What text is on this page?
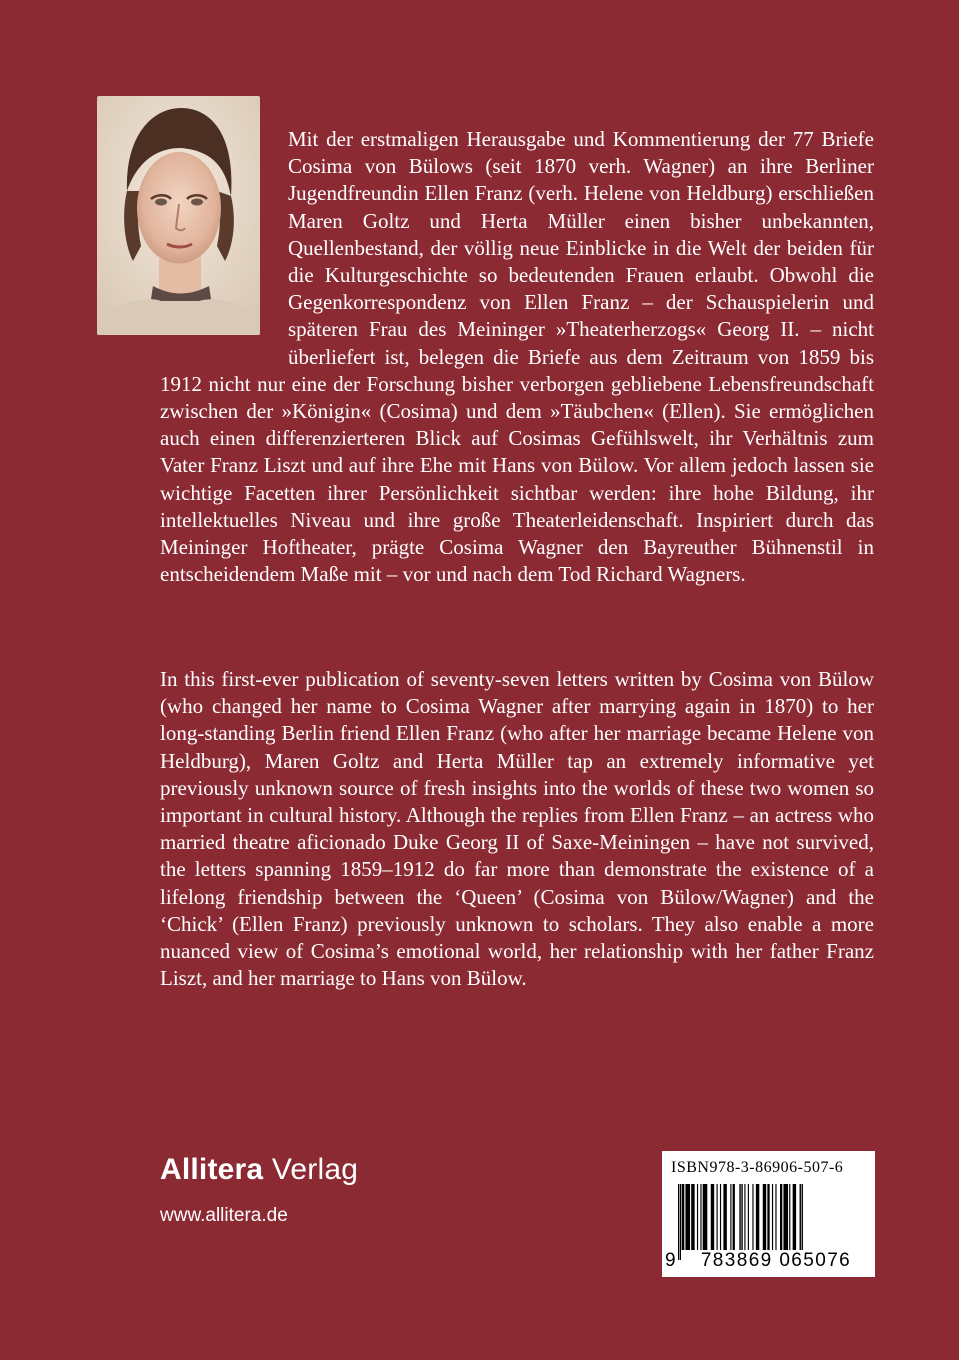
Mit der erstmaligen Herausgabe und Kommentierung der 77 Briefe Cosima von Bülows (seit 1870 verh. Wagner) an ihre Berliner Jugendfreundin Ellen Franz (verh. Helene von Heldburg) erschließen Maren Goltz und Herta Müller einen bisher unbekannten, Quellenbestand, der völlig neue Einblicke in die Welt der beiden für die Kulturgeschichte so bedeutenden Frauen erlaubt. Obwohl die Gegenkorrespondenz von Ellen Franz – der Schauspielerin und späteren Frau des Meininger »Theaterherzogs« Georg II. – nicht überliefert ist, belegen die Briefe aus dem Zeitraum von 1859 bis 1912 nicht nur eine der Forschung bisher verborgen gebliebene Lebensfreundschaft zwischen der »Königin« (Cosima) und dem »Täubchen« (Ellen). Sie ermöglichen auch einen differenzierteren Blick auf Cosimas Gefühlswelt, ihr Verhältnis zum Vater Franz Liszt und auf ihre Ehe mit Hans von Bülow. Vor allem jedoch lassen sie wichtige Facetten ihrer Persönlichkeit sichtbar werden: ihre hohe Bildung, ihr intellektuelles Niveau und ihre große Theaterleidenschaft. Inspiriert durch das Meininger Hoftheater, prägte Cosima Wagner den Bayreuther Bühnenstil in entscheidendem Maße mit – vor und nach dem Tod Richard Wagners.
In this first-ever publication of seventy-seven letters written by Cosima von Bülow (who changed her name to Cosima Wagner after marrying again in 1870) to her long-standing Berlin friend Ellen Franz (who after her marriage became Helene von Heldburg), Maren Goltz and Herta Müller tap an extremely informative yet previously unknown source of fresh insights into the worlds of these two women so important in cultural history. Although the replies from Ellen Franz – an actress who married theatre aficionado Duke Georg II of Saxe-Meiningen – have not survived, the letters spanning 1859–1912 do far more than demonstrate the existence of a lifelong friendship between the ‘Queen’ (Cosima von Bülow/Wagner) and the ‘Chick’ (Ellen Franz) previously unknown to scholars. They also enable a more nuanced view of Cosima’s emotional world, her relationship with her father Franz Liszt, and her marriage to Hans von Bülow.
Allitera Verlag
www.allitera.de
ISBN978-3-86906-507-6
9	783869 065076
